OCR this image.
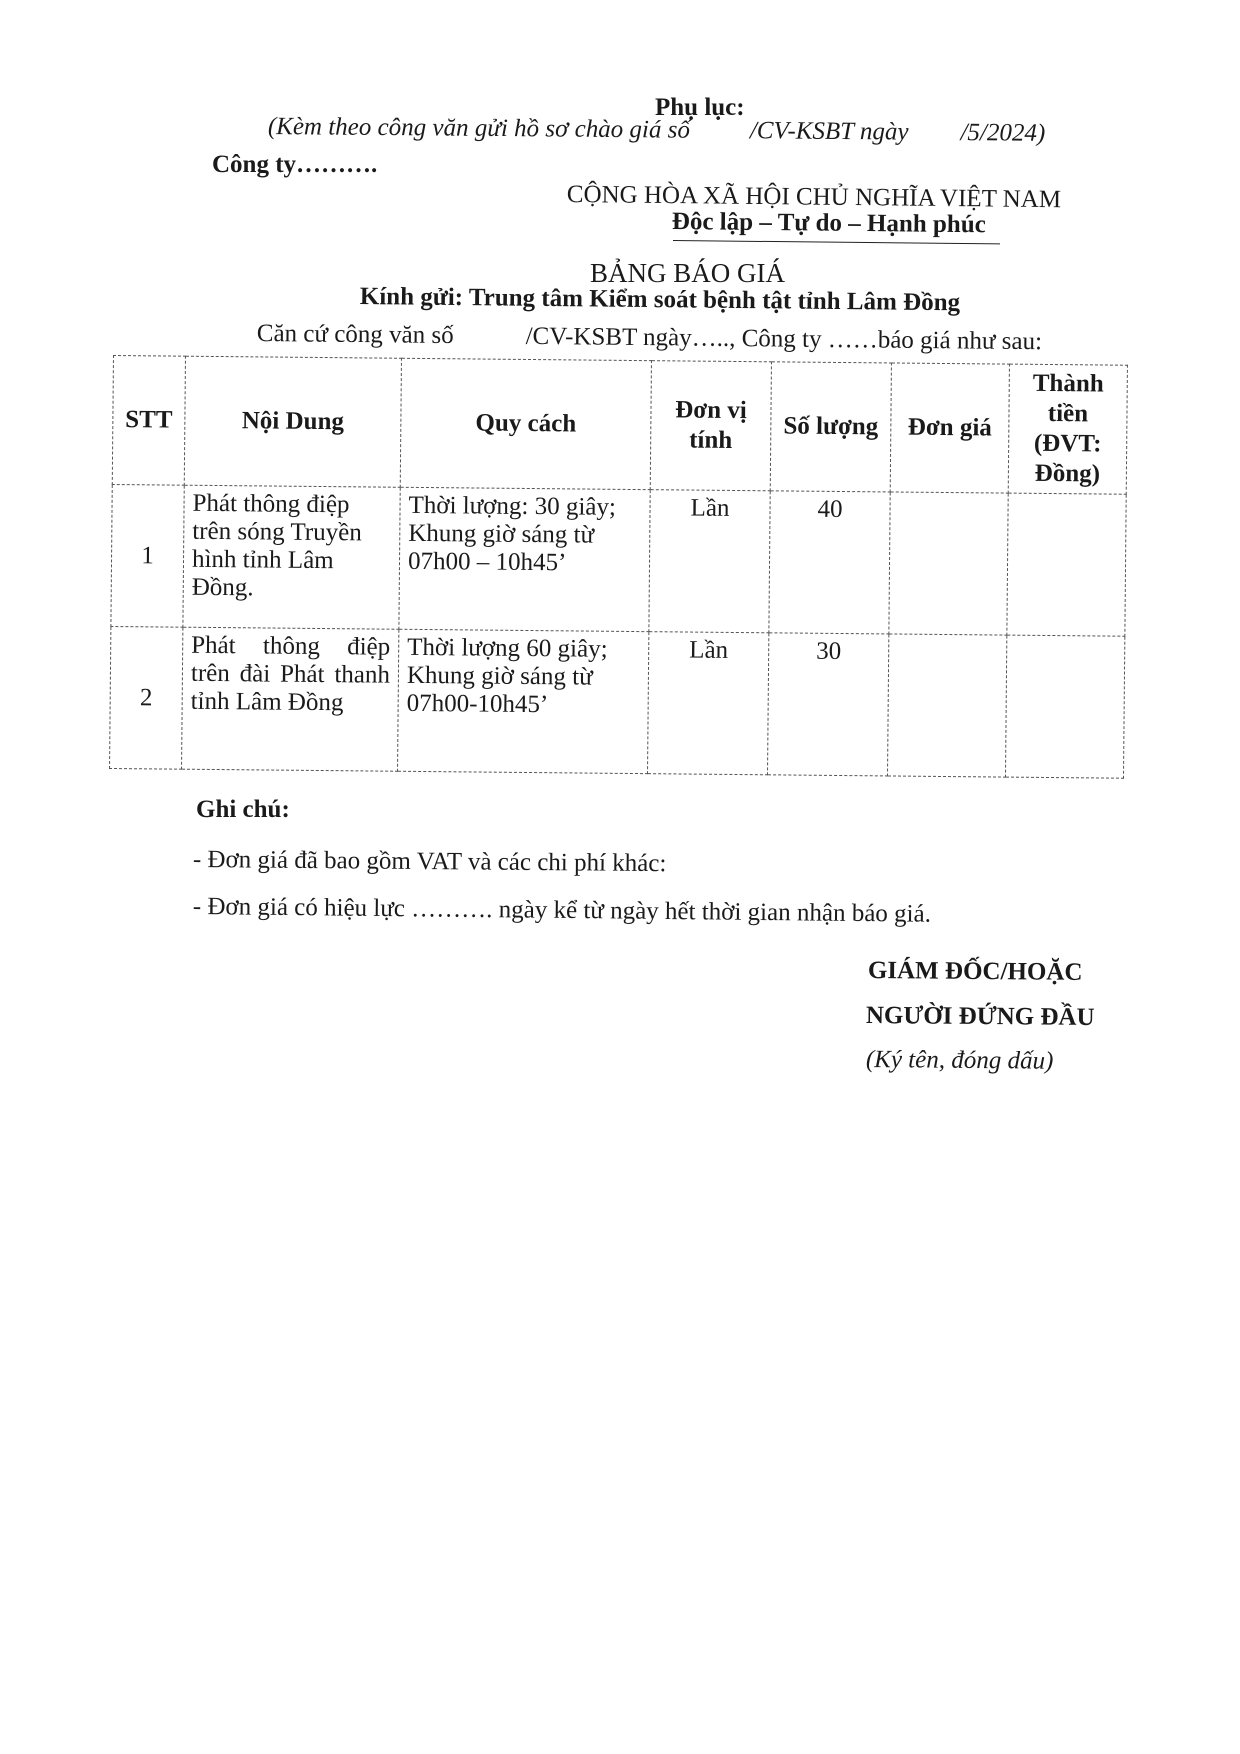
Phụ lục:
(Kèm theo công văn gửi hồ sơ chào giá số /CV-KSBT ngày /5/2024)
Công ty……….
CỘNG HÒA XÃ HỘI CHỦ NGHĨA VIỆT NAM
Độc lập – Tự do – Hạnh phúc
BẢNG BÁO GIÁ
Kính gửi: Trung tâm Kiểm soát bệnh tật tỉnh Lâm Đồng
Căn cứ công văn số	/CV-KSBT ngày….., Công ty ……báo giá như sau:
STT	Nội Dung	Quy cách	Đơn vị tính	Số lượng	Đơn giá	Thành tiền (ĐVT: Đồng)
1	Phát thông điệp trên sóng Truyền hình tỉnh Lâm Đồng.	Thời lượng: 30 giây; Khung giờ sáng từ 07h00 – 10h45’	Lần	40		
2	Phát thông điệp trên đài Phát thanh tỉnh Lâm Đồng	Thời lượng 60 giây; Khung giờ sáng từ 07h00-10h45’	Lần	30		
Ghi chú:
- Đơn giá đã bao gồm VAT và các chi phí khác:
- Đơn giá có hiệu lực ………. ngày kể từ ngày hết thời gian nhận báo giá.
GIÁM ĐỐC/HOẶC
NGƯỜI ĐỨNG ĐẦU
(Ký tên, đóng dấu)
